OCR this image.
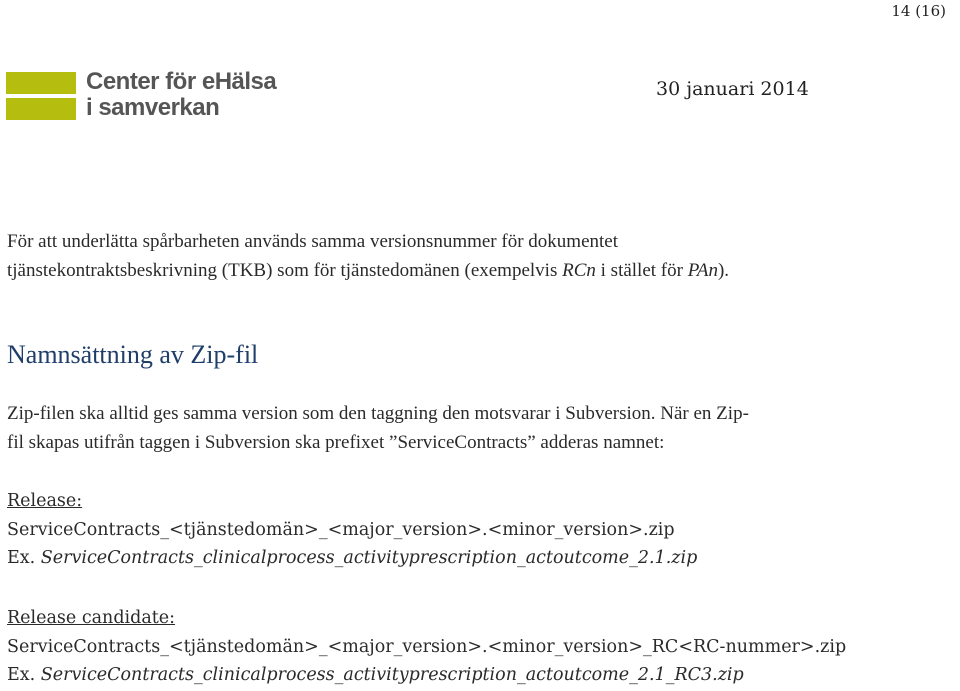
14 (16)
Center för eHälsa
i samverkan
30 januari 2014
För att underlätta spårbarheten används samma versionsnummer för dokumentet
tjänstekontraktsbeskrivning (TKB) som för tjänstedomänen (exempelvis RCn i stället för PAn).
Namnsättning av Zip-fil
Zip-filen ska alltid ges samma version som den taggning den motsvarar i Subversion. När en Zip-
fil skapas utifrån taggen i Subversion ska prefixet ”ServiceContracts” adderas namnet:
Release:
ServiceContracts_<tjänstedomän>_<major_version>.<minor_version>.zip
Ex. ServiceContracts_clinicalprocess_activityprescription_actoutcome_2.1.zip
Release candidate:
ServiceContracts_<tjänstedomän>_<major_version>.<minor_version>_RC<RC-nummer>.zip
Ex. ServiceContracts_clinicalprocess_activityprescription_actoutcome_2.1_RC3.zip
